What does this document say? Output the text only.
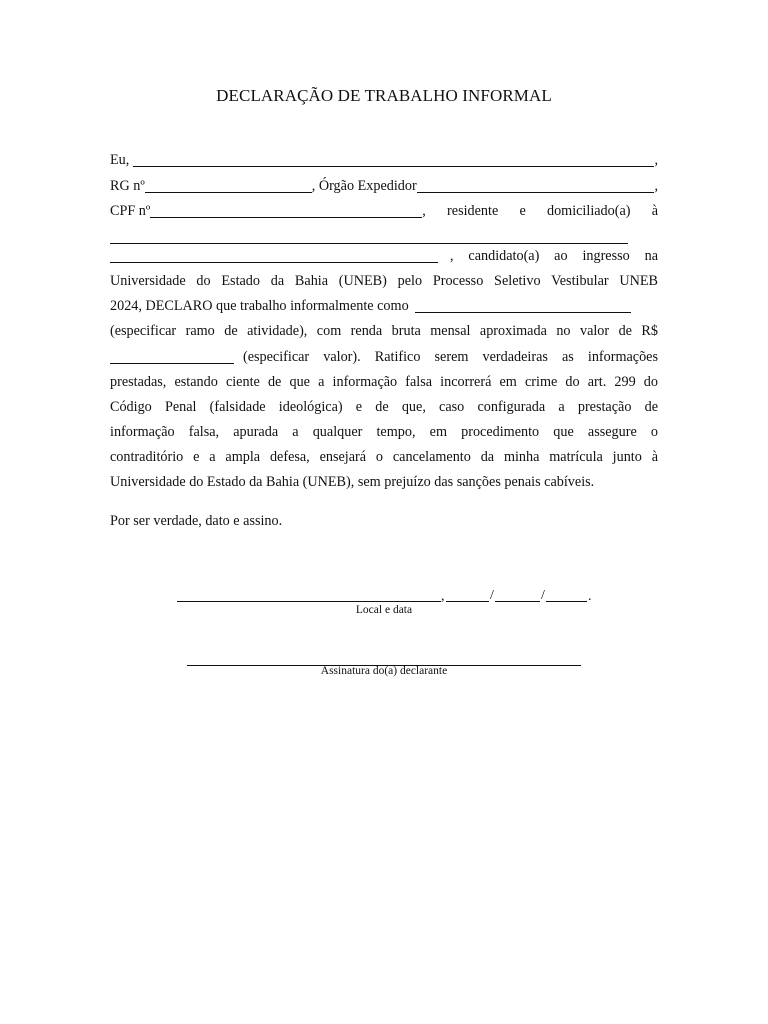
DECLARAÇÃO DE TRABALHO INFORMAL
Eu,	,
RG nº	, Órgão Expedidor	,
CPF nº	, residente e domiciliado(a) à
, candidato(a) ao ingresso na
Universidade do Estado da Bahia (UNEB) pelo Processo Seletivo Vestibular UNEB
2024, DECLARO que trabalho informalmente como
(especificar ramo de atividade), com renda bruta mensal aproximada no valor de R$
(especificar valor). Ratifico serem verdadeiras as informações
prestadas, estando ciente de que a informação falsa incorrerá em crime do art. 299 do
Código Penal (falsidade ideológica) e de que, caso configurada a prestação de
informação falsa, apurada a qualquer tempo, em procedimento que assegure o
contraditório e a ampla defesa, ensejará o cancelamento da minha matrícula junto à
Universidade do Estado da Bahia (UNEB), sem prejuízo das sanções penais cabíveis.
Por ser verdade, dato e assino.
,	/	/	.
Local e data
Assinatura do(a) declarante
